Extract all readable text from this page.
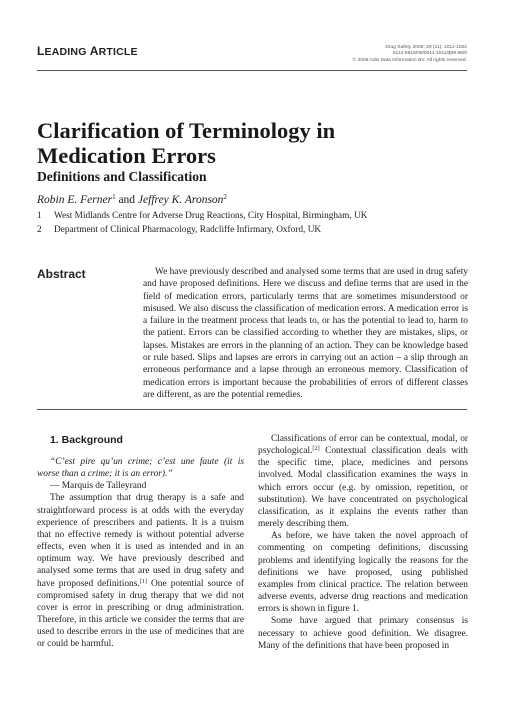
LEADING ARTICLE	Drug Safety 2006; 29 (11): 1011-1022
0114-5916/06/0011-1011/$39.95/0
© 2006 Adis Data Information BV. All rights reserved.
Clarification of Terminology in
Medication Errors
Definitions and Classification
Robin E. Ferner$^1$ and Jeffrey K. Aronson$^2$
1	West Midlands Centre for Adverse Drug Reactions, City Hospital, Birmingham, UK
2	Department of Clinical Pharmacology, Radcliffe Infirmary, Oxford, UK
Abstract	We have previously described and analysed some terms that are used in drug safety and have proposed definitions. Here we discuss and define terms that are used in the field of medication errors, particularly terms that are sometimes misunderstood or misused. We also discuss the classification of medication errors. A medication error is a failure in the treatment process that leads to, or has the potential to lead to, harm to the patient. Errors can be classified according to whether they are mistakes, slips, or lapses. Mistakes are errors in the planning of an action. They can be knowledge based or rule based. Slips and lapses are errors in carrying out an action – a slip through an erroneous performance and a lapse through an erroneous memory. Classification of medication errors is important because the probabilities of errors of different classes are different, as are the potential remedies.
1. Background

“C’est pire qu’un crime; c’est une faute (it is worse than a crime; it is an error).”

— Marquis de Talleyrand

The assumption that drug therapy is a safe and straightforward process is at odds with the everyday experience of prescribers and patients. It is a truism that no effective remedy is without potential adverse effects, even when it is used as intended and in an optimum way. We have previously described and analysed some terms that are used in drug safety and have proposed definitions.[1] One potential source of compromised safety in drug therapy that we did not cover is error in prescribing or drug administration. Therefore, in this article we consider the terms that are used to describe errors in the use of medicines that are or could be harmful.

Classifications of error can be contextual, modal, or psychological.[2] Contextual classification deals with the specific time, place, medicines and persons involved. Modal classification examines the ways in which errors occur (e.g. by omission, repetition, or substitution). We have concentrated on psychological classification, as it explains the events rather than merely describing them.

As before, we have taken the novel approach of commenting on competing definitions, discussing problems and identifying logically the reasons for the definitions we have proposed, using published examples from clinical practice. The relation between adverse events, adverse drug reactions and medication errors is shown in figure 1.

Some have argued that primary consensus is necessary to achieve good definition. We disagree. Many of the definitions that have been proposed in
